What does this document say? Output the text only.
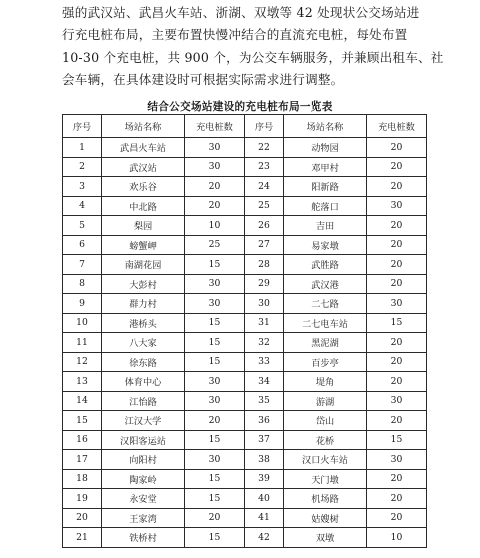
强的武汉站、武昌火车站、浙湖、双墩等 42 处现状公交场站进
行充电桩布局，主要布置快慢冲结合的直流充电桩，每处布置
10-30 个充电桩，共 900 个，为公交车辆服务，并兼顾出租车、社
会车辆，在具体建设时可根据实际需求进行调整。
结合公交场站建设的充电桩布局一览表
序号	场站名称	充电桩数	序号	场站名称	充电桩数
1	武昌火车站	30	22	动物园	20
2	武汉站	30	23	邓甲村	20
3	欢乐谷	20	24	阳新路	20
4	中北路	20	25	舵落口	30
5	梨园	10	26	吉田	20
6	螃蟹岬	25	27	易家墩	20
7	南湖花园	15	28	武胜路	20
8	大彭村	30	29	武汉港	20
9	群力村	30	30	二七路	30
10	港桥头	15	31	二七电车站	15
11	八大家	15	32	黑泥湖	20
12	徐东路	15	33	百步亭	20
13	体育中心	30	34	堤角	20
14	江怡路	30	35	游湖	30
15	江汉大学	20	36	岱山	20
16	汉阳客运站	15	37	花桥	15
17	向阳村	30	38	汉口火车站	30
18	陶家岭	15	39	天门墩	20
19	永安堂	15	40	机场路	20
20	王家湾	20	41	姑嫂树	20
21	铁桥村	15	42	双墩	10
